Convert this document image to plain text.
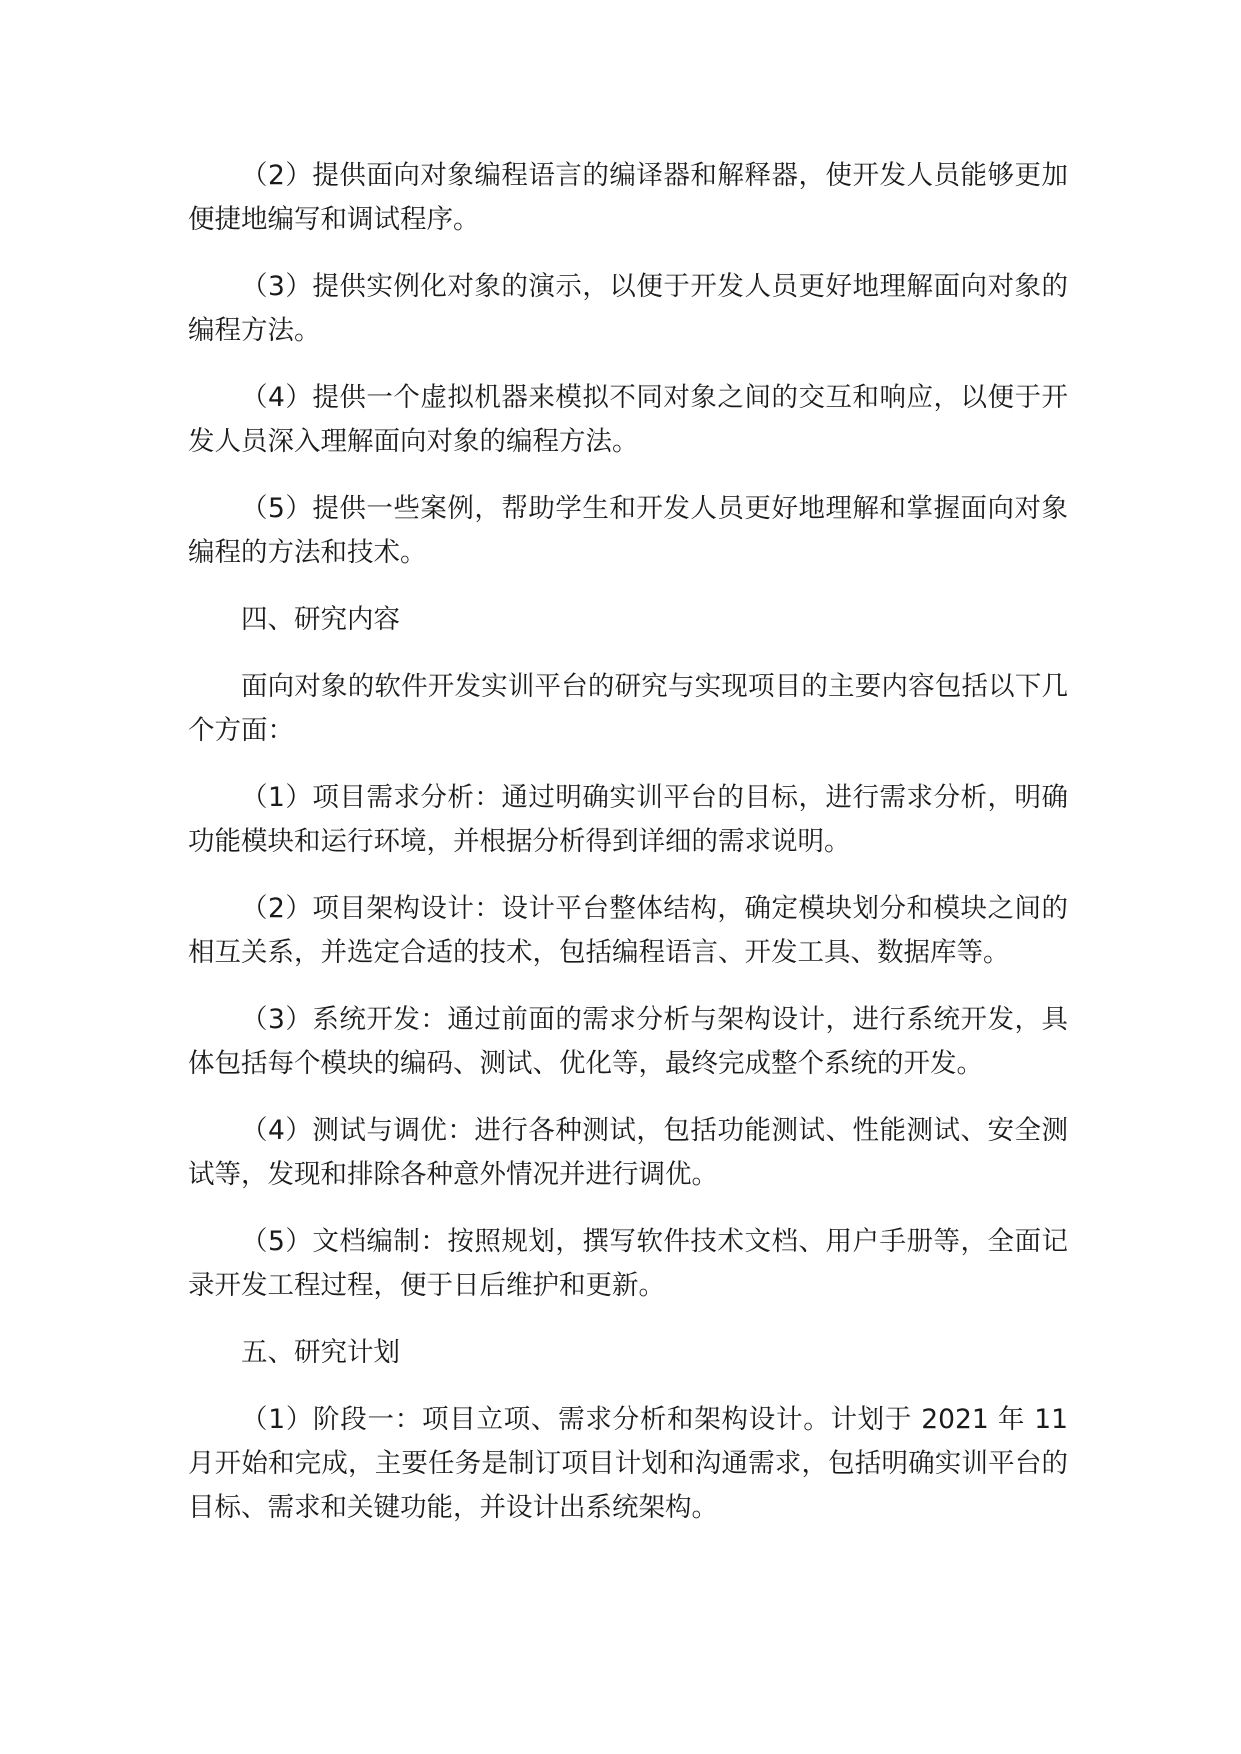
（2）提供面向对象编程语言的编译器和解释器，使开发人员能够更加便捷地编写和调试程序。

（3）提供实例化对象的演示，以便于开发人员更好地理解面向对象的编程方法。

（4）提供一个虚拟机器来模拟不同对象之间的交互和响应，以便于开发人员深入理解面向对象的编程方法。

（5）提供一些案例，帮助学生和开发人员更好地理解和掌握面向对象编程的方法和技术。

四、研究内容

面向对象的软件开发实训平台的研究与实现项目的主要内容包括以下几个方面：

（1）项目需求分析：通过明确实训平台的目标，进行需求分析，明确功能模块和运行环境，并根据分析得到详细的需求说明。

（2）项目架构设计：设计平台整体结构，确定模块划分和模块之间的相互关系，并选定合适的技术，包括编程语言、开发工具、数据库等。

（3）系统开发：通过前面的需求分析与架构设计，进行系统开发，具体包括每个模块的编码、测试、优化等，最终完成整个系统的开发。

（4）测试与调优：进行各种测试，包括功能测试、性能测试、安全测试等，发现和排除各种意外情况并进行调优。

（5）文档编制：按照规划，撰写软件技术文档、用户手册等，全面记录开发工程过程，便于日后维护和更新。

五、研究计划

（1）阶段一：项目立项、需求分析和架构设计。计划于 2021 年 11 月开始和完成，主要任务是制订项目计划和沟通需求，包括明确实训平台的目标、需求和关键功能，并设计出系统架构。
